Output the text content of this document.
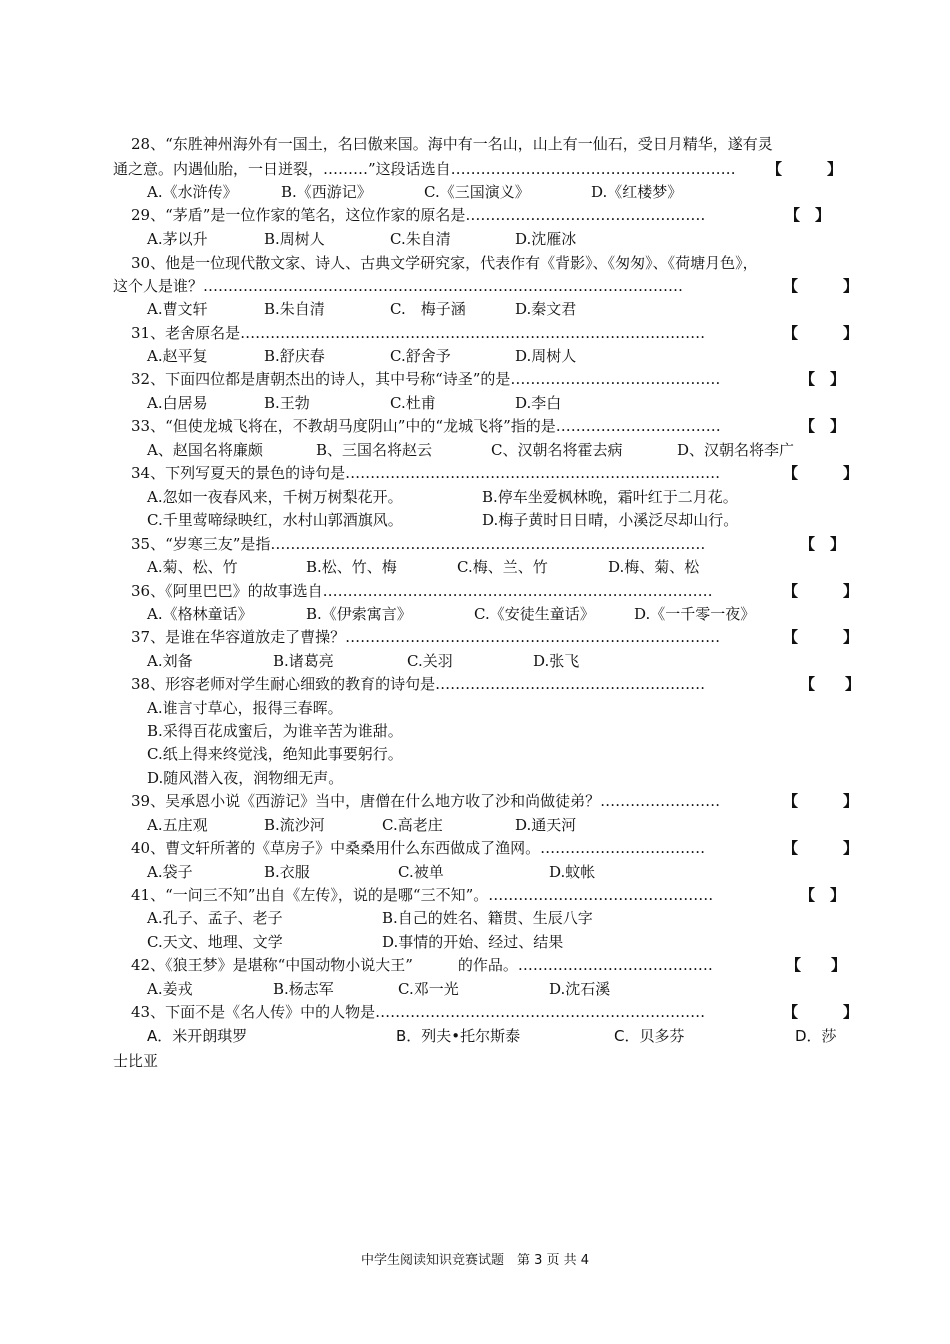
28、“东胜神州海外有一国土，名曰傲来国。海中有一名山，山上有一仙石，受日月精华，遂有灵
通之意。内遇仙胎，一日迸裂，………”这段话选自………………………………………………… 【　　　】
A.《水浒传》	B.《西游记》	C.《三国演义》	D.《红楼梦》
29、“茅盾”是一位作家的笔名，这位作家的原名是…………………………………………	【　】
A.茅以升	B.周树人	C.朱自清	D.沈雁冰
30、他是一位现代散文家、诗人、古典文学研究家，代表作有《背影》、《匆匆》、《荷塘月色》，
这个人是谁？……………………………………………………………………………………	【　　　】
A.曹文轩	B.朱自清	C.　梅子涵	D.秦文君
31、老舍原名是…………………………………………………………………………………	【　　　】
A.赵平复	B.舒庆春	C.舒舍予	D.周树人
32、下面四位都是唐朝杰出的诗人，其中号称“诗圣”的是……………………………………	【　】
A.白居易	B.王勃	C.杜甫	D.李白
33、“但使龙城飞将在，不教胡马度阴山”中的“龙城飞将”指的是……………………………	【　】
A、赵国名将廉颇	B、三国名将赵云	C、汉朝名将霍去病	D、汉朝名将李广
34、下列写夏天的景色的诗句是…………………………………………………………………	【　　　】
A.忽如一夜春风来，千树万树梨花开。	B.停车坐爱枫林晚，霜叶红于二月花。
C.千里莺啼绿映红，水村山郭酒旗风。	D.梅子黄时日日晴，小溪泛尽却山行。
35、“岁寒三友”是指……………………………………………………………………………	【　】
A.菊、松、竹	B.松、竹、梅	C.梅、兰、竹	D.梅、菊、松
36、《阿里巴巴》的故事选自……………………………………………………………………	【　　　】
A.《格林童话》	B.《伊索寓言》	C.《安徒生童话》	D.《一千零一夜》
37、是谁在华容道放走了曹操？…………………………………………………………………	【　　　】
A.刘备	B.诸葛亮	C.关羽	D.张飞
38、形容老师对学生耐心细致的教育的诗句是………………………………………………	【　　】
A.谁言寸草心，报得三春晖。
B.采得百花成蜜后，为谁辛苦为谁甜。
C.纸上得来终觉浅，绝知此事要躬行。
D.随风潜入夜，润物细无声。
39、吴承恩小说《西游记》当中，唐僧在什么地方收了沙和尚做徒弟？……………………	【　　　】
A.五庄观	B.流沙河	C.高老庄	D.通天河
40、曹文轩所著的《草房子》中桑桑用什么东西做成了渔网。……………………………	【　　　】
A.袋子	B.衣服	C.被单	D.蚊帐
41、“一问三不知”出自《左传》，说的是哪“三不知”。………………………………………	【　】
A.孔子、孟子、老子	B.自己的姓名、籍贯、生辰八字
C.天文、地理、文学	D.事情的开始、经过、结果
42、《狼王梦》是堪称“中国动物小说大王”　　　的作品。…………………………………	【　　】
A.姜戎	B.杨志军	C.邓一光	D.沈石溪
43、下面不是《名人传》中的人物是…………………………………………………………	【　　　】
A．米开朗琪罗	B．列夫•托尔斯泰	C．贝多芬	D．莎
士比亚
中学生阅读知识竞赛试题　第 3 页 共 4
